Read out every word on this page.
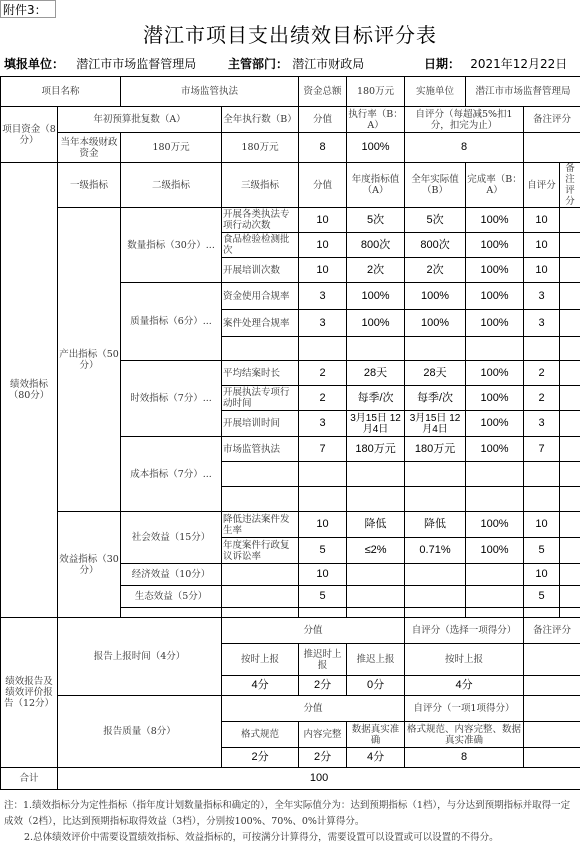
附件3：
潜江市项目支出绩效目标评分表
填报单位： 潜江市市场监督管理局	主管部门： 潜江市财政局	日期： 2021年12月22日
项目名称		市场监管执法		资金总额	180万元	实施单位	潜江市市场监督管理局		
项目资金（8分）	年初预算批复数（A）		全年执行数（B）	分值	执行率（B：A）	自评分（每超减5%扣1分，扣完为止）		备注评分	
	当年本级财政资金	180万元	180万元	8	100%	8			
绩效指标（80分）	一级指标	二级指标	三级指标	分值	年度指标值（A）	全年实际值（B）	完成率（B：A）	自评分	备注评分
	产出指标（50分）	数量指标（30分）...	开展各类执法专项行动次数	10	5次	5次	100%	10	
			食品检验检测批次	10	800次	800次	100%	10	
			开展培训次数	10	2次	2次	100%	10	
		质量指标（6分）...	资金使用合规率	3	100%	100%	100%	3	
			案件处理合规率	3	100%	100%	100%	3	

		时效指标（7分）...	平均结案时长	2	28天	28天	100%	2	
			开展执法专项行动时间	2	每季/次	每季/次	100%	2	
			开展培训时间	3	3月15日 12月4日	3月15日 12月4日	100%	3	
		成本指标（7分）...	市场监管执法	7	180万元	180万元	100%	7	

	效益指标（30分）	社会效益（15分）	降低违法案件发生率	10	降低	降低	100%	10	
			年度案件行政复议诉讼率	5	≤2%	0.71%	100%	5	
		经济效益（10分）		10				10	
		生态效益（5分）		5				5	

绩效报告及绩效评价报告（12分）	报告上报时间（4分）		分值			自评分（选择一项得分）		备注评分	
			按时上报	推迟时上报	推迟上报	按时上报			
			4分	2分	0分	4分			
	报告质量（8分）		分值			自评分（一项1项得分）			
			格式规范	内容完整	数据真实准确	格式规范、内容完整、数据真实准确			
			2分	2分	4分	8			
合计	100								
注：1.绩效指标分为定性指标（指年度计划数量指标和确定的），全年实际值分为：达到预期指标（1档），与分达到预期指标并取得一定成效（2档），比达到预期指标取得效益（3档），分别按100%、70%、0%计算得分。
2.总体绩效评价中需要设置绩效指标、效益指标的，可按满分计算得分，需要设置可以设置或可以设置的不得分。
